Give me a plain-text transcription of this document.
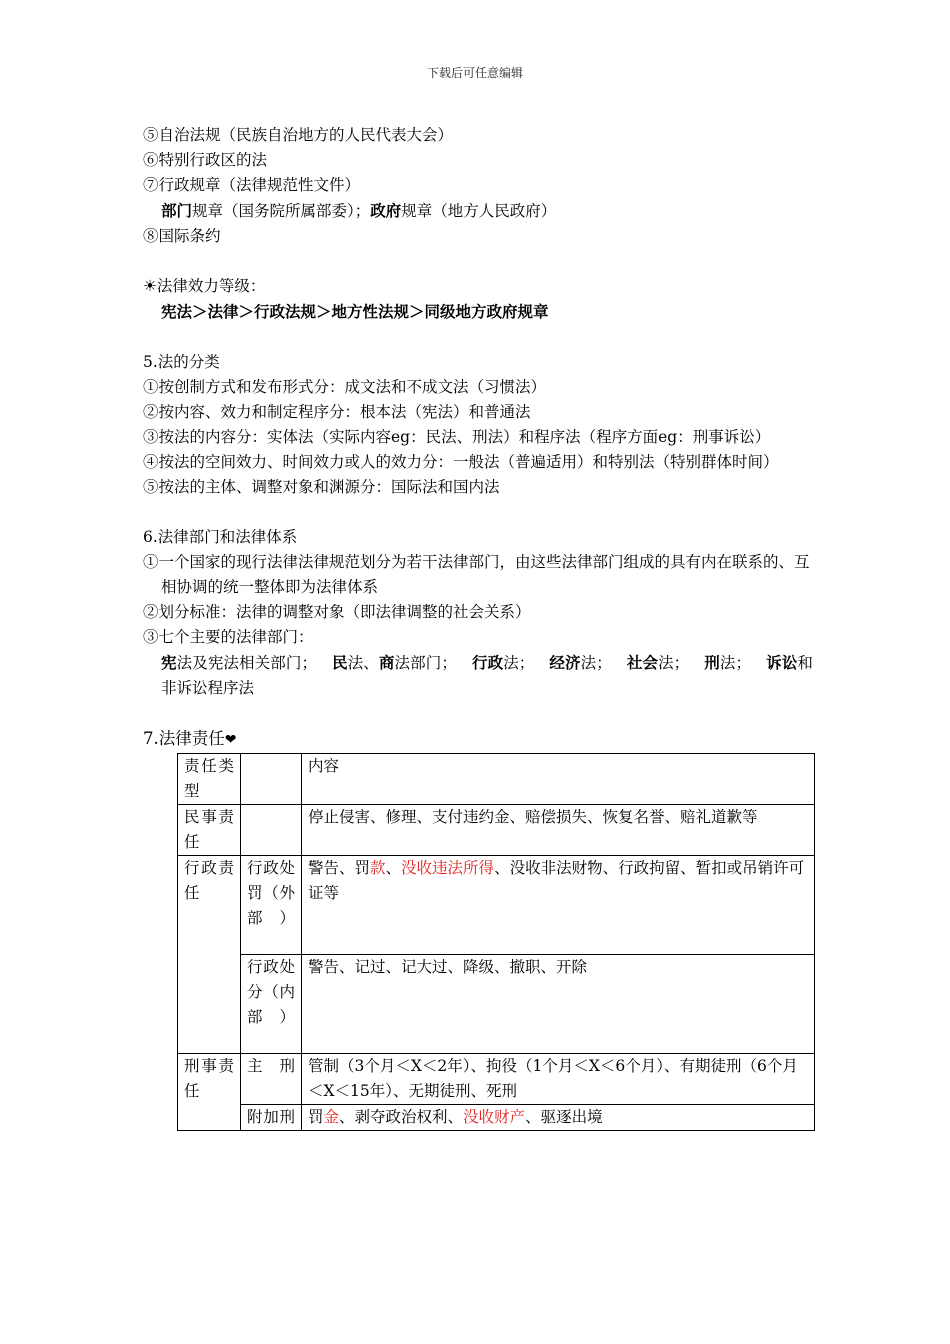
下载后可任意编辑
⑤自治法规（民族自治地方的人民代表大会）
⑥特别行政区的法
⑦行政规章（法律规范性文件）
部门规章（国务院所属部委）；政府规章（地方人民政府）
⑧国际条约
☀法律效力等级：
宪法＞法律＞行政法规＞地方性法规＞同级地方政府规章
5.法的分类
①按创制方式和发布形式分：成文法和不成文法（习惯法）
②按内容、效力和制定程序分：根本法（宪法）和普通法
③按法的内容分：实体法（实际内容eg：民法、刑法）和程序法（程序方面eg：刑事诉讼）
④按法的空间效力、时间效力或人的效力分：一般法（普遍适用）和特别法（特别群体时间）
⑤按法的主体、调整对象和渊源分：国际法和国内法
6.法律部门和法律体系
①一个国家的现行法律法律规范划分为若干法律部门，由这些法律部门组成的具有内在联系的、互相协调的统一整体即为法律体系
②划分标准：法律的调整对象（即法律调整的社会关系）
③七个主要的法律部门：
宪法及宪法相关部门； 民法、商法部门； 行政法； 经济法； 社会法； 刑法； 诉讼和非诉讼程序法
7.法律责任❤
责任类型		内容
民事责任		停止侵害、修理、支付违约金、赔偿损失、恢复名誉、赔礼道歉等
行政责任	行政处罚（外部）	警告、罚款、没收违法所得、没收非法财物、行政拘留、暂扣或吊销许可证等
	行政处分（内部）	警告、记过、记大过、降级、撤职、开除
刑事责任	主刑	管制（3个月＜X＜2年）、拘役（1个月＜X＜6个月）、有期徒刑（6个月＜X＜15年）、无期徒刑、死刑
	附加刑	罚金、剥夺政治权利、没收财产、驱逐出境
